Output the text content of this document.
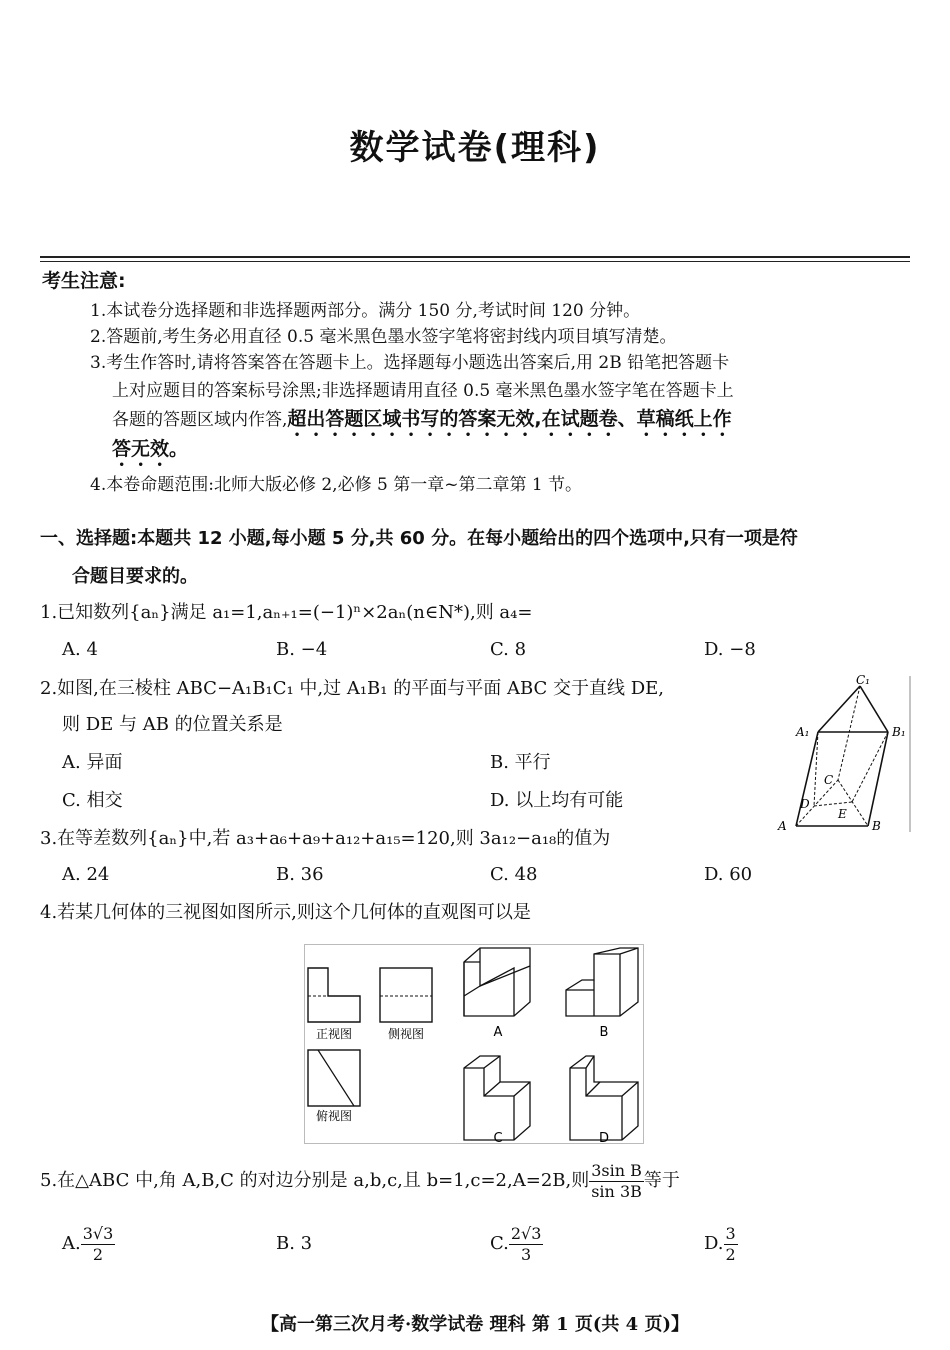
数学试卷(理科)
考生注意:

1.本试卷分选择题和非选择题两部分。满分 150 分,考试时间 120 分钟。

2.答题前,考生务必用直径 0.5 毫米黑色墨水签字笔将密封线内项目填写清楚。

3.考生作答时,请将答案答在答题卡上。选择题每小题选出答案后,用 2B 铅笔把答题卡

上对应题目的答案标号涂黑;非选择题请用直径 0.5 毫米黑色墨水签字笔在答题卡上

各题的答题区域内作答,超出答题区域书写的答案无效,在试题卷、草稿纸上作

答无效。

4.本卷命题范围:北师大版必修 2,必修 5 第一章~第二章第 1 节。

一、选择题:本题共 12 小题,每小题 5 分,共 60 分。在每小题给出的四个选项中,只有一项是符
合题目要求的。
1.已知数列{aₙ}满足 a₁=1,aₙ₊₁=(−1)ⁿ×2aₙ(n∈N*),则 a₄=
A. 4	B. −4	C. 8	D. −8
2.如图,在三棱柱 ABC−A₁B₁C₁ 中,过 A₁B₁ 的平面与平面 ABC 交于直线 DE,
则 DE 与 AB 的位置关系是
A. 异面	B. 平行
C. 相交	D. 以上均有可能
C₁
A₁	B₁
C
D
E
A	B
3.在等差数列{aₙ}中,若 a₃+a₆+a₉+a₁₂+a₁₅=120,则 3a₁₂−a₁₈的值为
A. 24	B. 36	C. 48	D. 60
4.若某几何体的三视图如图所示,则这个几何体的直观图可以是
正视图	侧视图
俯视图
A	B
C	D
5.在△ABC 中,角 A,B,C 的对边分别是 a,b,c,且 b=1,c=2,A=2B,则 $\frac{\text{3sin B}}{\sin 3B}$ 等于
A. $\frac{3√3}{2}$	B. 3	C. $\frac{2√3}{3}$	D. $\frac{3}{2}$
【高一第三次月考·数学试卷 理科 第 1 页(共 4 页)】
